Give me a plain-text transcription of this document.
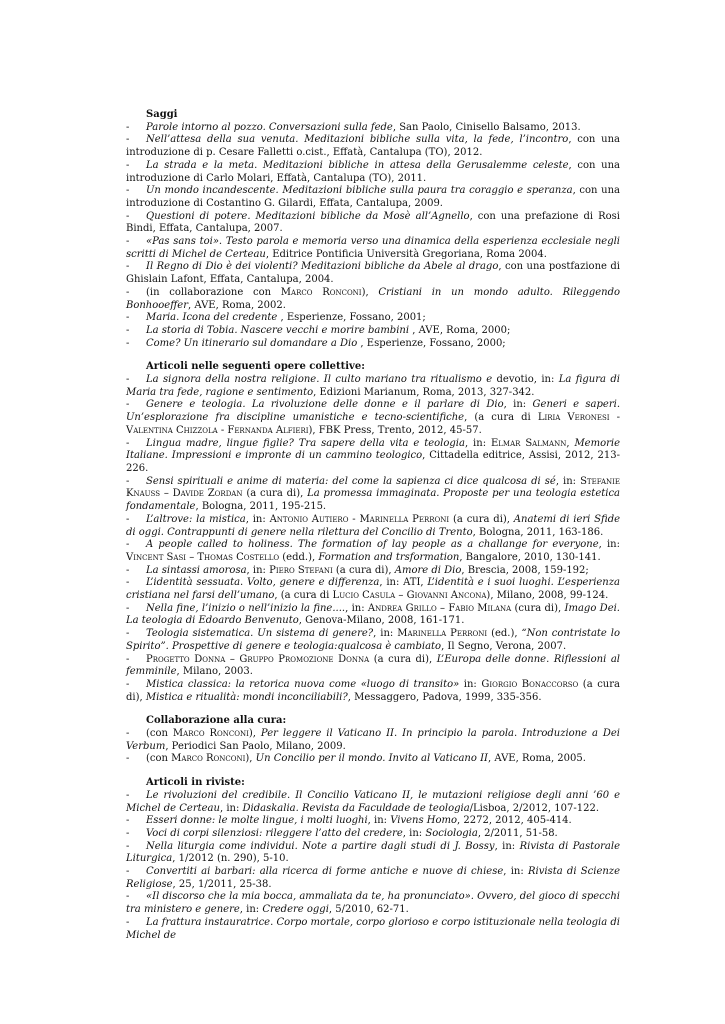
Saggi
- Parole intorno al pozzo. Conversazioni sulla fede, San Paolo, Cinisello Balsamo, 2013.
- Nell’attesa della sua venuta. Meditazioni bibliche sulla vita, la fede, l’incontro, con una introduzione di p. Cesare Falletti o.cist., Effatà, Cantalupa (TO), 2012.
- La strada e la meta. Meditazioni bibliche in attesa della Gerusalemme celeste, con una introduzione di Carlo Molari, Effatà, Cantalupa (TO), 2011.
- Un mondo incandescente. Meditazioni bibliche sulla paura tra coraggio e speranza, con una introduzione di Costantino G. Gilardi, Effata, Cantalupa, 2009.
- Questioni di potere. Meditazioni bibliche da Mosè all’Agnello, con una prefazione di Rosi Bindi, Effata, Cantalupa, 2007.
- «Pas sans toi». Testo parola e memoria verso una dinamica della esperienza ecclesiale negli scritti di Michel de Certeau, Editrice Pontificia Università Gregoriana, Roma 2004.
- Il Regno di Dio è dei violenti? Meditazioni bibliche da Abele al drago, con una postfazione di Ghislain Lafont, Effata, Cantalupa, 2004.
- (in collaborazione con Marco Ronconi), Cristiani in un mondo adulto. Rileggendo Bonhooeffer, AVE, Roma, 2002.
- Maria. Icona del credente , Esperienze, Fossano, 2001;
- La storia di Tobia. Nascere vecchi e morire bambini , AVE, Roma, 2000;
- Come? Un itinerario sul domandare a Dio , Esperienze, Fossano, 2000;
Articoli nelle seguenti opere collettive:
- La signora della nostra religione. Il culto mariano tra ritualismo e devotio, in: La figura di Maria tra fede, ragione e sentimento, Edizioni Marianum, Roma, 2013, 327-342.
- Genere e teologia. La rivoluzione delle donne e il parlare di Dio, in: Generi e saperi. Un’esplorazione fra discipline umanistiche e tecno-scientifiche, (a cura di Liria Veronesi - Valentina Chizzola - Fernanda Alfieri), FBK Press, Trento, 2012, 45-57.
- Lingua madre, lingue figlie? Tra sapere della vita e teologia, in: Elmar Salmann, Memorie Italiane. Impressioni e impronte di un cammino teologico, Cittadella editrice, Assisi, 2012, 213-226.
- Sensi spirituali e anime di materia: del come la sapienza ci dice qualcosa di sé, in: Stefanie Knauss – Davide Zordan (a cura di), La promessa immaginata. Proposte per una teologia estetica fondamentale, Bologna, 2011, 195-215.
- L’altrove: la mistica, in: Antonio Autiero - Marinella Perroni (a cura di), Anatemi di ieri Sfide di oggi. Contrappunti di genere nella rilettura del Concilio di Trento, Bologna, 2011, 163-186.
- A people called to holiness. The formation of lay people as a challange for everyone, in: Vincent Sasi – Thomas Costello (edd.), Formation and trsformation, Bangalore, 2010, 130-141.
- La sintassi amorosa, in: Piero Stefani (a cura di), Amore di Dio, Brescia, 2008, 159-192;
- L’identità sessuata. Volto, genere e differenza, in: ATI, L’identità e i suoi luoghi. L’esperienza cristiana nel farsi dell’umano, (a cura di Lucio Casula – Giovanni Ancona), Milano, 2008, 99-124.
- Nella fine, l’inizio o nell’inizio la fine...., in: Andrea Grillo – Fabio Milana (cura di), Imago Dei. La teologia di Edoardo Benvenuto, Genova-Milano, 2008, 161-171.
- Teologia sistematica. Un sistema di genere?, in: Marinella Perroni (ed.), “Non contristate lo Spirito”. Prospettive di genere e teologia:qualcosa è cambiato, Il Segno, Verona, 2007.
- Progetto Donna – Gruppo Promozione Donna (a cura di), L’Europa delle donne. Riflessioni al femminile, Milano, 2003.
- Mistica classica: la retorica nuova come «luogo di transito» in: Giorgio Bonaccorso (a cura di), Mistica e ritualità: mondi inconciliabili?, Messaggero, Padova, 1999, 335-356.
Collaborazione alla cura:
- (con Marco Ronconi), Per leggere il Vaticano II. In principio la parola. Introduzione a Dei Verbum, Periodici San Paolo, Milano, 2009.
- (con Marco Ronconi), Un Concilio per il mondo. Invito al Vaticano II, AVE, Roma, 2005.
Articoli in riviste:
- Le rivoluzioni del credibile. Il Concilio Vaticano II, le mutazioni religiose degli anni ’60 e Michel de Certeau, in: Didaskalia. Revista da Faculdade de teologia/Lisboa, 2/2012, 107-122.
- Esseri donne: le molte lingue, i molti luoghi, in: Vivens Homo, 2272, 2012, 405-414.
- Voci di corpi silenziosi: rileggere l’atto del credere, in: Sociologia, 2/2011, 51-58.
- Nella liturgia come individui. Note a partire dagli studi di J. Bossy, in: Rivista di Pastorale Liturgica, 1/2012 (n. 290), 5-10.
- Convertiti ai barbari: alla ricerca di forme antiche e nuove di chiese, in: Rivista di Scienze Religiose, 25, 1/2011, 25-38.
- «Il discorso che la mia bocca, ammaliata da te, ha pronunciato». Ovvero, del gioco di specchi tra ministero e genere, in: Credere oggi, 5/2010, 62-71.
- La frattura instauratrice. Corpo mortale, corpo glorioso e corpo istituzionale nella teologia di Michel de
